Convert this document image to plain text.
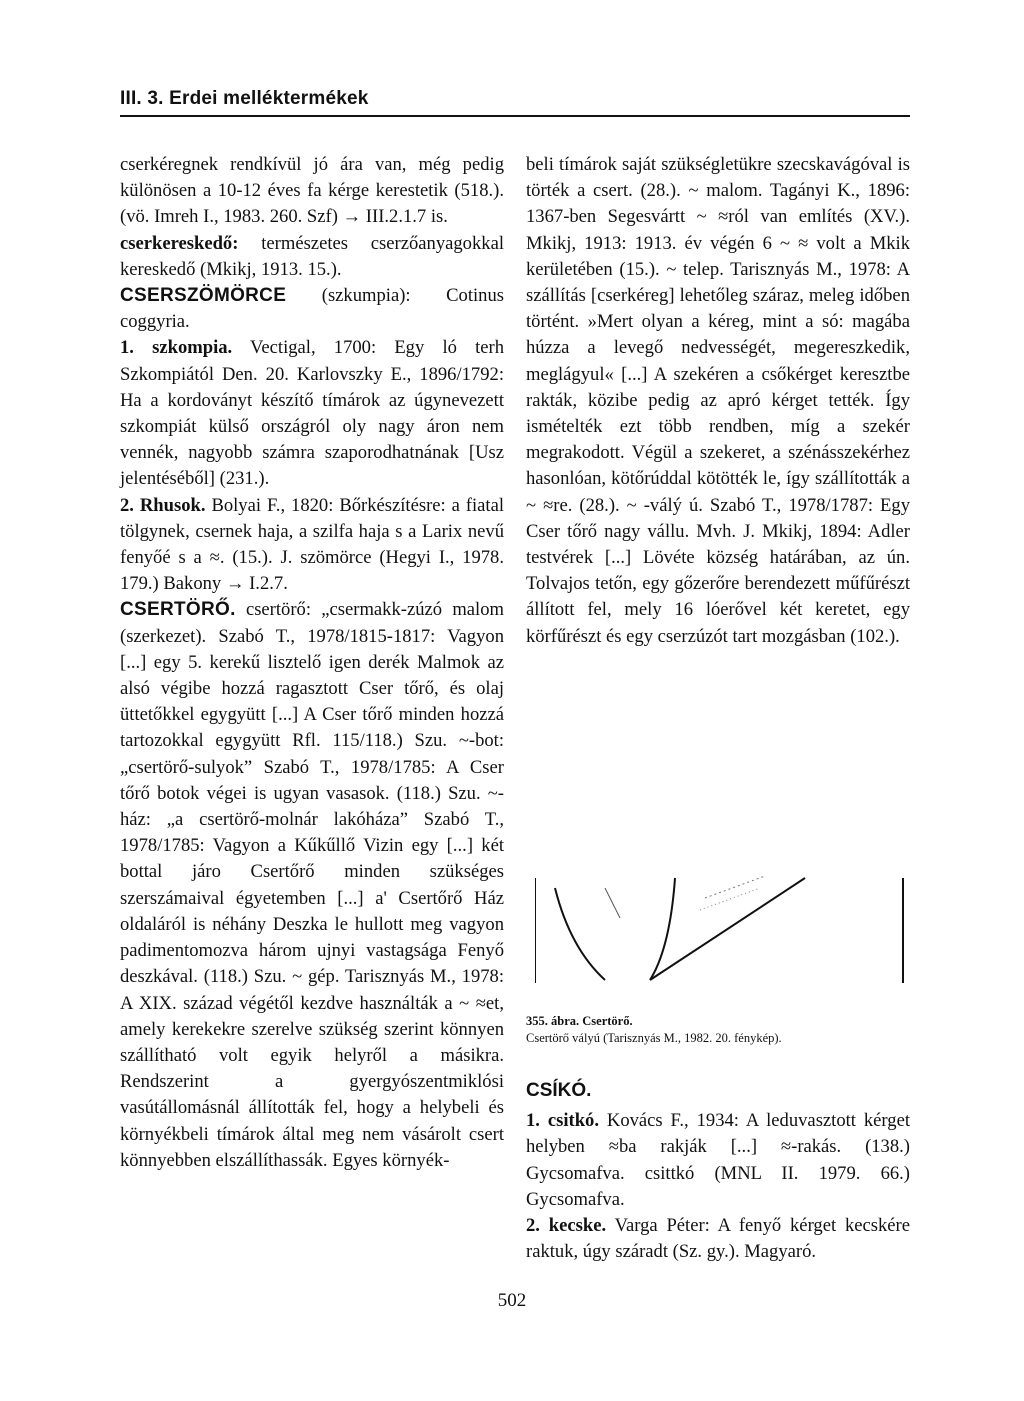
III. 3. Erdei melléktermékek

cserkéregnek rendkívül jó ára van, még pedig különösen a 10-12 éves fa kérge kerestetik (518.). (vö. Imreh I., 1983. 260. Szf) → III.2.1.7 is.

cserkereskedő: természetes cserzőanyagokkal kereskedő (Mkikj, 1913. 15.).

CSERSZÖMÖRCE (szkumpia): Cotinus coggyria.

1. szkompia. Vectigal, 1700: Egy ló terh Szkompiától Den. 20. Karlovszky E., 1896/1792: Ha a kordoványt készítő tímárok az úgynevezett szkompiát külső országról oly nagy áron nem vennék, nagyobb számra szaporodhatnának [Usz jelentéséből] (231.).

2. Rhusok. Bolyai F., 1820: Bőrkészítésre: a fiatal tölgynek, csernek haja, a szilfa haja s a Larix nevű fenyőé s a ≈. (15.). J. szömörce (Hegyi I., 1978. 179.) Bakony → I.2.7.

CSERTÖRŐ. csertörő: „csermakk-zúzó malom (szerkezet). Szabó T., 1978/1815-1817: Vagyon [...] egy 5. kerekű lisztelő igen derék Malmok az alsó végibe hozzá ragasztott Cser tőrő, és olaj üttetőkkel egygyütt [...] A Cser tőrő minden hozzá tartozokkal egygyütt Rfl. 115/118.) Szu. ~-bot: „csertörő-sulyok” Szabó T., 1978/1785: A Cser tőrő botok végei is ugyan vasasok. (118.) Szu. ~-ház: „a csertörő-molnár lakóháza” Szabó T., 1978/1785: Vagyon a Kűkűllő Vizin egy [...] két bottal járo Csertőrő minden szükséges szerszámaival égyetemben [...] a' Csertőrő Ház oldaláról is néhány Deszka le hullott meg vagyon padimentomozva három ujnyi vastagsága Fenyő deszkával. (118.) Szu. ~ gép. Tarisznyás M., 1978: A XIX. század végétől kezdve használták a ~ ≈et, amely kerekekre szerelve szükség szerint könnyen szállítható volt egyik helyről a másikra. Rendszerint a gyergyószentmiklósi vasútállomásnál állították fel, hogy a helybeli és környékbeli tímárok által meg nem vásárolt csert könnyebben elszállíthassák. Egyes környék-

beli tímárok saját szükségletükre szecskavágóval is törték a csert. (28.). ~ malom. Tagányi K., 1896: 1367-ben Segesvártt ~ ≈ról van említés (XV.). Mkikj, 1913: 1913. év végén 6 ~ ≈ volt a Mkik kerületében (15.). ~ telep. Tarisznyás M., 1978: A szállítás [cserkéreg] lehetőleg száraz, meleg időben történt. »Mert olyan a kéreg, mint a só: magába húzza a levegő nedvességét, megereszkedik, meglágyul« [...] A szekéren a csőkérget keresztbe rakták, közibe pedig az apró kérget tették. Így ismételték ezt több rendben, míg a szekér megrakodott. Végül a szekeret, a szénásszekérhez hasonlóan, kötőrúddal kötötték le, így szállították a ~ ≈re. (28.). ~ -válý ú. Szabó T., 1978/1787: Egy Cser tőrő nagy vállu. Mvh. J. Mkikj, 1894: Adler testvérek [...] Lövéte község határában, az ún. Tolvajos tetőn, egy gőzerőre berendezett műfűrészt állított fel, mely 16 lóerővel két keretet, egy körfűrészt és egy cserzúzót tart mozgásban (102.).

355. ábra. Csertörő.
Csertörő vályú (Tarisznyás M., 1982. 20. fénykép).

CSÍKÓ.

1. csitkó. Kovács F., 1934: A leduvasztott kérget helyben ≈ba rakják [...] ≈-rakás. (138.) Gycsomafva. csittkó (MNL II. 1979. 66.) Gycsomafva.

2. kecske. Varga Péter: A fenyő kérget kecskére raktuk, úgy száradt (Sz. gy.). Magyaró.

502
